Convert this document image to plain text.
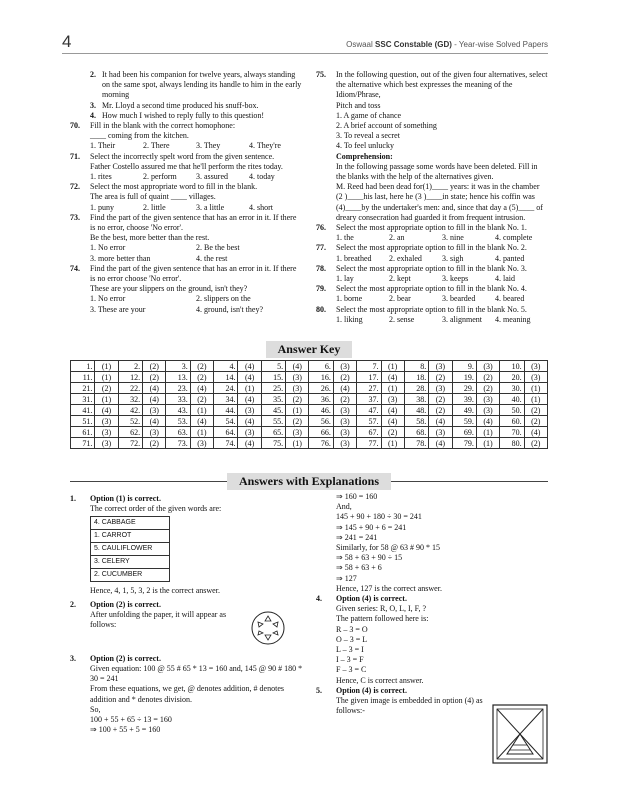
4	Oswaal SSC Constable (GD) - Year-wise Solved Papers
2. It had been his companion for twelve years, always standing on the same spot, always lending its handle to him in the early morning
3. Mr. Lloyd a second time produced his snuff-box.
4. How much I wished to reply fully to this question!
70.	Fill in the blank with the correct homophone:
____ coming from the kitchen.
1. Their	2. There	3. They	4. They're
71.	Select the incorrectly spelt word from the given sentence.
Father Costello assured me that he'll perform the rites today.
1. rites	2. perform	3. assured	4. today
72.	Select the most appropriate word to fill in the blank.
The area is full of quaint ____ villages.
1. puny	2. little	3. a little	4. short
73.	Find the part of the given sentence that has an error in it. If there is no error, choose 'No error'.
Be the best, more better than the rest.
1. No error	2. Be the best
3. more better than	4. the rest
74.	Find the part of the given sentence that has an error in it. If there is no error choose 'No error'.
These are your slippers on the ground, isn't they?
1. No error	2. slippers on the
3. These are your	4. ground, isn't they?
75.	In the following question, out of the given four alternatives, select the alternative which best expresses the meaning of the Idiom/Phrase,
Pitch and toss
1. A game of chance
2. A brief account of something
3. To reveal a secret
4. To feel unlucky
Comprehension:
In the following passage some words have been deleted. Fill in the blanks with the help of the alternatives given.
M. Reed had been dead for(1)____ years: it was in the chamber (2 )____his last, here he (3 )____in state; hence his coffin was (4)____by the undertaker's men: and, since that day a (5)____ of dreary consecration had guarded it from frequent intrusion.
76.	Select the most appropriate option to fill in the blank No. 1.
1. the	2. an	3. nine	4. complete
77.	Select the most appropriate option to fill in the blank No. 2.
1. breathed	2. exhaled	3. sigh	4. panted
78.	Select the most appropriate option to fill in the blank No. 3.
1. lay	2. kept	3. keeps	4. laid
79.	Select the most appropriate option to fill in the blank No. 4.
1. borne	2. bear	3. bearded	4. beared
80.	Select the most appropriate option to fill in the blank No. 5.
1. liking	2. sense	3. alignment	4. meaning
Answer Key
1.	(1)	2.	(2)	3.	(2)	4.	(4)	5.	(4)	6.	(3)	7.	(1)	8.	(3)	9.	(3)	10.	(3)
11.	(1)	12.	(2)	13.	(2)	14.	(4)	15.	(3)	16.	(2)	17.	(4)	18.	(2)	19.	(2)	20.	(3)
21.	(2)	22.	(4)	23.	(4)	24.	(1)	25.	(3)	26.	(4)	27.	(1)	28.	(3)	29.	(2)	30.	(1)
31.	(1)	32.	(4)	33.	(2)	34.	(4)	35.	(2)	36.	(2)	37.	(3)	38.	(2)	39.	(3)	40.	(1)
41.	(4)	42.	(3)	43.	(1)	44.	(3)	45.	(1)	46.	(3)	47.	(4)	48.	(2)	49.	(3)	50.	(2)
51.	(3)	52.	(4)	53.	(4)	54.	(4)	55.	(2)	56.	(3)	57.	(4)	58.	(4)	59.	(4)	60.	(2)
61.	(3)	62.	(3)	63.	(1)	64.	(3)	65.	(3)	66.	(3)	67.	(2)	68.	(3)	69.	(1)	70.	(4)
71.	(3)	72.	(2)	73.	(3)	74.	(4)	75.	(1)	76.	(3)	77.	(1)	78.	(4)	79.	(1)	80.	(2)
Answers with Explanations
1.	Option (1) is correct.
The correct order of the given words are:
4. CABBAGE
1. CARROT
5. CAULIFLOWER
3. CELERY
2. CUCUMBER
Hence, 4, 1, 5, 3, 2 is the correct answer.
2.	Option (2) is correct.
After unfolding the paper, it will appear as follows:
3.	Option (2) is correct.
Given equation: 100 @ 55 # 65 * 13 = 160 and, 145 @ 90 # 180 * 30 = 241
From these equations, we get, @ denotes addition, # denotes addition and * denotes division.
So,
100 + 55 + 65 ÷ 13 = 160
⇒ 100 + 55 + 5 = 160
⇒ 160 = 160
And,
145 + 90 + 180 ÷ 30 = 241
⇒ 145 + 90 + 6 = 241
⇒ 241 = 241
Similarly, for 58 @ 63 # 90 * 15
⇒ 58 + 63 + 90 ÷ 15
⇒ 58 + 63 + 6
⇒ 127
Hence, 127 is the correct answer.
4.	Option (4) is correct.
Given series: R, O, L, I, F, ?
The pattern followed here is:
R – 3 = O
O – 3 = L
L – 3 = I
I – 3 = F
F – 3 = C
Hence, C is correct answer.
5.	Option (4) is correct.
The given image is embedded in option (4) as follows:-
